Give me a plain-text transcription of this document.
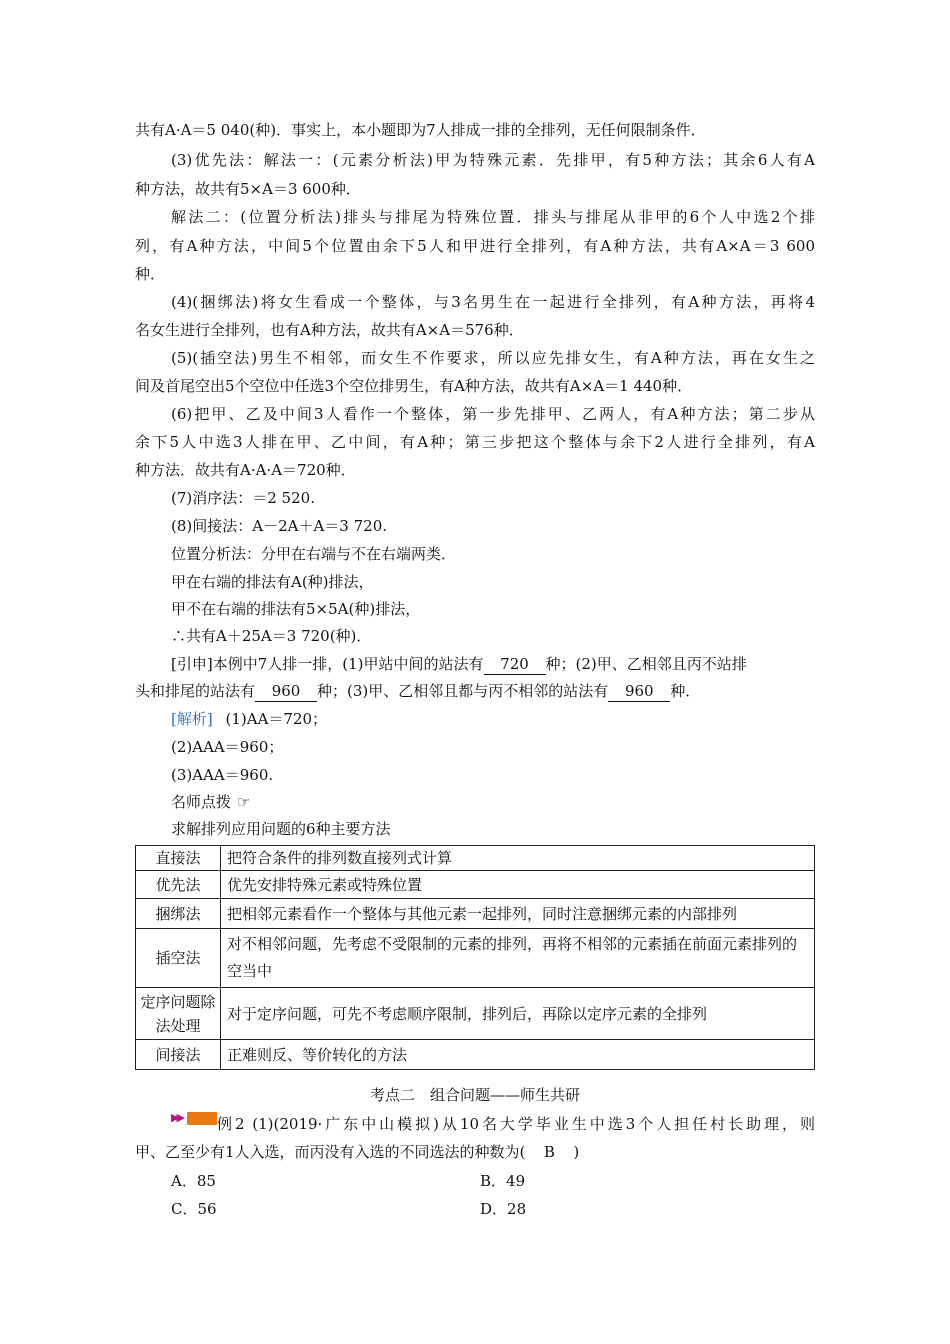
共有A·A＝5 040(种)．事实上，本小题即为7人排成一排的全排列，无任何限制条件．
(3)优先法：解法一：(元素分析法)甲为特殊元素．先排甲，有5种方法；其余6人有A
种方法，故共有5×A＝3 600种．
解法二：(位置分析法)排头与排尾为特殊位置．排头与排尾从非甲的6个人中选2个排
列，有A种方法，中间5个位置由余下5人和甲进行全排列，有A种方法，共有A×A＝3 600
种．
(4)(捆绑法)将女生看成一个整体，与3名男生在一起进行全排列，有A种方法，再将4
名女生进行全排列，也有A种方法，故共有A×A＝576种．
(5)(插空法)男生不相邻，而女生不作要求，所以应先排女生，有A种方法，再在女生之
间及首尾空出5个空位中任选3个空位排男生，有A种方法，故共有A×A＝1 440种．
(6)把甲、乙及中间3人看作一个整体，第一步先排甲、乙两人，有A种方法；第二步从
余下5人中选3人排在甲、乙中间，有A种；第三步把这个整体与余下2人进行全排列，有A
种方法．故共有A·A·A＝720种．
(7)消序法：＝2 520.
(8)间接法：A－2A＋A＝3 720.
位置分析法：分甲在右端与不在右端两类．
甲在右端的排法有A(种)排法，
甲不在右端的排法有5×5A(种)排法，
∴共有A＋25A＝3 720(种)．
[引申]本例中7人排一排，(1)甲站中间的站法有 720 种；(2)甲、乙相邻且丙不站排
头和排尾的站法有 960 种；(3)甲、乙相邻且都与丙不相邻的站法有 960 种．
[解析] (1)AA＝720；
(2)AAA＝960；
(3)AAA＝960.
名师点拨 ☞
求解排列应用问题的6种主要方法
直接法	把符合条件的排列数直接列式计算
优先法	优先安排特殊元素或特殊位置
捆绑法	把相邻元素看作一个整体与其他元素一起排列，同时注意捆绑元素的内部排列
插空法	对不相邻问题，先考虑不受限制的元素的排列，再将不相邻的元素插在前面元素排列的空当中
定序问题除法处理	对于定序问题，可先不考虑顺序限制，排列后，再除以定序元素的全排列
间接法	正难则反、等价转化的方法
考点二　组合问题——师生共研
▶▶ 例2 (1)(2019·广东中山模拟)从10名大学毕业生中选3个人担任村长助理，则
甲、乙至少有1人入选，而丙没有入选的不同选法的种数为( B )
A．85	B．49
C．56	D．28
